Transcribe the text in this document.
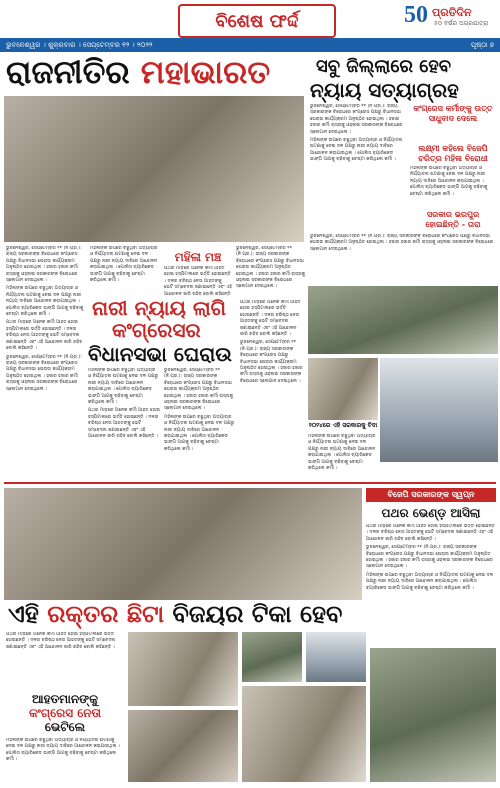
ବିଶେଷ ଫର୍ଦ୍ଦ	50 ପ୍ରତିଦିନ
୫୦ ବର୍ଷର ଅଗ୍ରଯାତ୍ରା
ଭୁବନେଶ୍ୱର । ଶୁକ୍ରବାର । ସେପ୍ଟେମ୍ବର ୧୨ । ୨୦୨୨	ପୃଷ୍ଠା ୭
ରାଜନୀତିର ମହାଭାରତ	ସବୁ ଜିଲ୍ଲାରେ ହେବ
ନ୍ୟାୟ ସତ୍ୟାଗ୍ରହ

ଭୁବନେଶ୍ୱର, ସେପ୍ଟେମ୍ବର ୧୧ (ନି.ପ୍ର.): ରାଜ୍ୟ ସରକାରଙ୍କ ବିରୋଧରେ କଂଗ୍ରେସ ପକ୍ଷରୁ ବିଧାନସଭା ଘେରାଉ କାର୍ଯ୍ୟକ୍ରମ ଅନୁଷ୍ଠିତ ହୋଇଥିଲା । ହଜାର ହଜାର କର୍ମୀ ରାସ୍ତାକୁ ଓହ୍ଲାଇ ସରକାରଙ୍କ ବିରୋଧରେ ସ୍ଲୋଗାନ ଦେଇଥିଲେ ।

ମହିଳାଙ୍କ ଉପରେ ବଢୁଥିବା ଅତ୍ୟାଚାର ଓ ନିର୍ଯ୍ୟାତନା ଘଟଣାକୁ ନେଇ ଦଳ ପକ୍ଷରୁ ନାରୀ ନ୍ୟାୟ ଦାବିରେ ଆନ୍ଦୋଳନ କରାଯାଇଥିଲା । ପୋଲିସ ବ୍ୟାରିକେଡ ଭାଙ୍ଗି ଆଗକୁ ବଢିବାକୁ ଚେଷ୍ଟା କରିଥିଲେ କର୍ମୀ ।

କଂଗ୍ରେସ କର୍ମୀଙ୍କୁ ଉତ୍ତ
ସାଧୁବାଦ ଦେଲେ
ଲକ୍ଷ୍ମୀ କହିଲେ ବିଜେପି
ଚରିତ୍ର ମହିଳା ବିରୋଧୀ
ସରକାର ଭରପୁର
ହୋଇଛିନ୍ତି - ତାରା

ମହିଳାଙ୍କ ଉପରେ ବଢୁଥିବା ଅତ୍ୟାଚାର ଓ ନିର୍ଯ୍ୟାତନା ଘଟଣାକୁ ନେଇ ଦଳ ପକ୍ଷରୁ ନାରୀ ନ୍ୟାୟ ଦାବିରେ ଆନ୍ଦୋଳନ କରାଯାଇଥିଲା । ପୋଲିସ ବ୍ୟାରିକେଡ ଭାଙ୍ଗି ଆଗକୁ ବଢିବାକୁ ଚେଷ୍ଟା କରିଥିଲେ କର୍ମୀ ।

ଭୁବନେଶ୍ୱର, ସେପ୍ଟେମ୍ବର ୧୧ (ନି.ପ୍ର.): ରାଜ୍ୟ ସରକାରଙ୍କ ବିରୋଧରେ କଂଗ୍ରେସ ପକ୍ଷରୁ ବିଧାନସଭା ଘେରାଉ କାର୍ଯ୍ୟକ୍ରମ ଅନୁଷ୍ଠିତ ହୋଇଥିଲା । ହଜାର ହଜାର କର୍ମୀ ରାସ୍ତାକୁ ଓହ୍ଲାଇ ସରକାରଙ୍କ ବିରୋଧରେ ସ୍ଲୋଗାନ ଦେଇଥିଲେ ।

ଭୁବନେଶ୍ୱର, ସେପ୍ଟେମ୍ବର ୧୧ (ନି.ପ୍ର.): ରାଜ୍ୟ ସରକାରଙ୍କ ବିରୋଧରେ କଂଗ୍ରେସ ପକ୍ଷରୁ ବିଧାନସଭା ଘେରାଉ କାର୍ଯ୍ୟକ୍ରମ ଅନୁଷ୍ଠିତ ହୋଇଥିଲା । ହଜାର ହଜାର କର୍ମୀ ରାସ୍ତାକୁ ଓହ୍ଲାଇ ସରକାରଙ୍କ ବିରୋଧରେ ସ୍ଲୋଗାନ ଦେଇଥିଲେ ।

ମହିଳାଙ୍କ ଉପରେ ବଢୁଥିବା ଅତ୍ୟାଚାର ଓ ନିର୍ଯ୍ୟାତନା ଘଟଣାକୁ ନେଇ ଦଳ ପକ୍ଷରୁ ନାରୀ ନ୍ୟାୟ ଦାବିରେ ଆନ୍ଦୋଳନ କରାଯାଇଥିଲା । ପୋଲିସ ବ୍ୟାରିକେଡ ଭାଙ୍ଗି ଆଗକୁ ବଢିବାକୁ ଚେଷ୍ଟା କରିଥିଲେ କର୍ମୀ ।

ପଥର ମାଡ଼ରେ ଅନେକ କର୍ମୀ ଆହତ ହୋଇ ହସ୍ପିଟାଲରେ ଭର୍ତ୍ତି ହୋଇଛନ୍ତି । ଦଳର ବରିଷ୍ଠ ନେତା ଆହତଙ୍କୁ ଭେଟି ସମ୍ବେଦନା ଜଣାଇଛନ୍ତି ଏବଂ ଏହି ଆନ୍ଦୋଳନ ଜାରି ରହିବ ବୋଲି କହିଛନ୍ତି ।

ଭୁବନେଶ୍ୱର, ସେପ୍ଟେମ୍ବର ୧୧ (ନି.ପ୍ର.): ରାଜ୍ୟ ସରକାରଙ୍କ ବିରୋଧରେ କଂଗ୍ରେସ ପକ୍ଷରୁ ବିଧାନସଭା ଘେରାଉ କାର୍ଯ୍ୟକ୍ରମ ଅନୁଷ୍ଠିତ ହୋଇଥିଲା । ହଜାର ହଜାର କର୍ମୀ ରାସ୍ତାକୁ ଓହ୍ଲାଇ ସରକାରଙ୍କ ବିରୋଧରେ ସ୍ଲୋଗାନ ଦେଇଥିଲେ ।

ମହିଳାଙ୍କ ଉପରେ ବଢୁଥିବା ଅତ୍ୟାଚାର ଓ ନିର୍ଯ୍ୟାତନା ଘଟଣାକୁ ନେଇ ଦଳ ପକ୍ଷରୁ ନାରୀ ନ୍ୟାୟ ଦାବିରେ ଆନ୍ଦୋଳନ କରାଯାଇଥିଲା । ପୋଲିସ ବ୍ୟାରିକେଡ ଭାଙ୍ଗି ଆଗକୁ ବଢିବାକୁ ଚେଷ୍ଟା କରିଥିଲେ କର୍ମୀ ।

ମହିଳା ମଞ୍ଚ

ପଥର ମାଡ଼ରେ ଅନେକ କର୍ମୀ ଆହତ ହୋଇ ହସ୍ପିଟାଲରେ ଭର୍ତ୍ତି ହୋଇଛନ୍ତି । ଦଳର ବରିଷ୍ଠ ନେତା ଆହତଙ୍କୁ ଭେଟି ସମ୍ବେଦନା ଜଣାଇଛନ୍ତି ଏବଂ ଏହି ଆନ୍ଦୋଳନ ଜାରି ରହିବ ବୋଲି କହିଛନ୍ତି

ଭୁବନେଶ୍ୱର, ସେପ୍ଟେମ୍ବର ୧୧ (ନି.ପ୍ର.): ରାଜ୍ୟ ସରକାରଙ୍କ ବିରୋଧରେ କଂଗ୍ରେସ ପକ୍ଷରୁ ବିଧାନସଭା ଘେରାଉ କାର୍ଯ୍ୟକ୍ରମ ଅନୁଷ୍ଠିତ ହୋଇଥିଲା । ହଜାର ହଜାର କର୍ମୀ ରାସ୍ତାକୁ ଓହ୍ଲାଇ ସରକାରଙ୍କ ବିରୋଧରେ ସ୍ଲୋଗାନ ଦେଇଥିଲେ ।

ନାରୀ ନ୍ୟାୟ ଲାଗି
କଂଗ୍ରେସର
ବିଧାନସଭା ଘେରାଉ

ମହିଳାଙ୍କ ଉପରେ ବଢୁଥିବା ଅତ୍ୟାଚାର ଓ ନିର୍ଯ୍ୟାତନା ଘଟଣାକୁ ନେଇ ଦଳ ପକ୍ଷରୁ ନାରୀ ନ୍ୟାୟ ଦାବିରେ ଆନ୍ଦୋଳନ କରାଯାଇଥିଲା । ପୋଲିସ ବ୍ୟାରିକେଡ ଭାଙ୍ଗି ଆଗକୁ ବଢିବାକୁ ଚେଷ୍ଟା କରିଥିଲେ କର୍ମୀ ।

ପଥର ମାଡ଼ରେ ଅନେକ କର୍ମୀ ଆହତ ହୋଇ ହସ୍ପିଟାଲରେ ଭର୍ତ୍ତି ହୋଇଛନ୍ତି । ଦଳର ବରିଷ୍ଠ ନେତା ଆହତଙ୍କୁ ଭେଟି ସମ୍ବେଦନା ଜଣାଇଛନ୍ତି ଏବଂ ଏହି ଆନ୍ଦୋଳନ ଜାରି ରହିବ ବୋଲି କହିଛନ୍ତି ।

ଭୁବନେଶ୍ୱର, ସେପ୍ଟେମ୍ବର ୧୧ (ନି.ପ୍ର.): ରାଜ୍ୟ ସରକାରଙ୍କ ବିରୋଧରେ କଂଗ୍ରେସ ପକ୍ଷରୁ ବିଧାନସଭା ଘେରାଉ କାର୍ଯ୍ୟକ୍ରମ ଅନୁଷ୍ଠିତ ହୋଇଥିଲା । ହଜାର ହଜାର କର୍ମୀ ରାସ୍ତାକୁ ଓହ୍ଲାଇ ସରକାରଙ୍କ ବିରୋଧରେ ସ୍ଲୋଗାନ ଦେଇଥିଲେ ।

ମହିଳାଙ୍କ ଉପରେ ବଢୁଥିବା ଅତ୍ୟାଚାର ଓ ନିର୍ଯ୍ୟାତନା ଘଟଣାକୁ ନେଇ ଦଳ ପକ୍ଷରୁ ନାରୀ ନ୍ୟାୟ ଦାବିରେ ଆନ୍ଦୋଳନ କରାଯାଇଥିଲା । ପୋଲିସ ବ୍ୟାରିକେଡ ଭାଙ୍ଗି ଆଗକୁ ବଢିବାକୁ ଚେଷ୍ଟା କରିଥିଲେ କର୍ମୀ ।

ପଥର ମାଡ଼ରେ ଅନେକ କର୍ମୀ ଆହତ ହୋଇ ହସ୍ପିଟାଲରେ ଭର୍ତ୍ତି ହୋଇଛନ୍ତି । ଦଳର ବରିଷ୍ଠ ନେତା ଆହତଙ୍କୁ ଭେଟି ସମ୍ବେଦନା ଜଣାଇଛନ୍ତି ଏବଂ ଏହି ଆନ୍ଦୋଳନ ଜାରି ରହିବ ବୋଲି କହିଛନ୍ତି ।

ଭୁବନେଶ୍ୱର, ସେପ୍ଟେମ୍ବର ୧୧ (ନି.ପ୍ର.): ରାଜ୍ୟ ସରକାରଙ୍କ ବିରୋଧରେ କଂଗ୍ରେସ ପକ୍ଷରୁ ବିଧାନସଭା ଘେରାଉ କାର୍ଯ୍ୟକ୍ରମ ଅନୁଷ୍ଠିତ ହୋଇଥିଲା । ହଜାର ହଜାର କର୍ମୀ ରାସ୍ତାକୁ ଓହ୍ଲାଇ ସରକାରଙ୍କ ବିରୋଧରେ ସ୍ଲୋଗାନ ଦେଇଥିଲେ ।

୨୦୨୪ରେ ଏହି ସରକାରକୁ ବିଦା

ମହିଳାଙ୍କ ଉପରେ ବଢୁଥିବା ଅତ୍ୟାଚାର ଓ ନିର୍ଯ୍ୟାତନା ଘଟଣାକୁ ନେଇ ଦଳ ପକ୍ଷରୁ ନାରୀ ନ୍ୟାୟ ଦାବିରେ ଆନ୍ଦୋଳନ କରାଯାଇଥିଲା । ପୋଲିସ ବ୍ୟାରିକେଡ ଭାଙ୍ଗି ଆଗକୁ ବଢିବାକୁ ଚେଷ୍ଟା କରିଥିଲେ କର୍ମୀ ।

ବିଜେପି ସରକାରଙ୍କ ସ୍ୱପ୍ନ
ପଥର ଭେଣ୍ଡ଼ ଆସିଲା

ପଥର ମାଡ଼ରେ ଅନେକ କର୍ମୀ ଆହତ ହୋଇ ହସ୍ପିଟାଲରେ ଭର୍ତ୍ତି ହୋଇଛନ୍ତି । ଦଳର ବରିଷ୍ଠ ନେତା ଆହତଙ୍କୁ ଭେଟି ସମ୍ବେଦନା ଜଣାଇଛନ୍ତି ଏବଂ ଏହି ଆନ୍ଦୋଳନ ଜାରି ରହିବ ବୋଲି କହିଛନ୍ତି ।

ଭୁବନେଶ୍ୱର, ସେପ୍ଟେମ୍ବର ୧୧ (ନି.ପ୍ର.): ରାଜ୍ୟ ସରକାରଙ୍କ ବିରୋଧରେ କଂଗ୍ରେସ ପକ୍ଷରୁ ବିଧାନସଭା ଘେରାଉ କାର୍ଯ୍ୟକ୍ରମ ଅନୁଷ୍ଠିତ ହୋଇଥିଲା । ହଜାର ହଜାର କର୍ମୀ ରାସ୍ତାକୁ ଓହ୍ଲାଇ ସରକାରଙ୍କ ବିରୋଧରେ ସ୍ଲୋଗାନ ଦେଇଥିଲେ ।

ମହିଳାଙ୍କ ଉପରେ ବଢୁଥିବା ଅତ୍ୟାଚାର ଓ ନିର୍ଯ୍ୟାତନା ଘଟଣାକୁ ନେଇ ଦଳ ପକ୍ଷରୁ ନାରୀ ନ୍ୟାୟ ଦାବିରେ ଆନ୍ଦୋଳନ କରାଯାଇଥିଲା । ପୋଲିସ ବ୍ୟାରିକେଡ ଭାଙ୍ଗି ଆଗକୁ ବଢିବାକୁ ଚେଷ୍ଟା କରିଥିଲେ କର୍ମୀ ।

ଏହି ରକ୍ତର ଛିଟା ବିଜୟର ଟିକା ହେବ

ପଥର ମାଡ଼ରେ ଅନେକ କର୍ମୀ ଆହତ ହୋଇ ହସ୍ପିଟାଲରେ ଭର୍ତ୍ତି ହୋଇଛନ୍ତି । ଦଳର ବରିଷ୍ଠ ନେତା ଆହତଙ୍କୁ ଭେଟି ସମ୍ବେଦନା ଜଣାଇଛନ୍ତି ଏବଂ ଏହି ଆନ୍ଦୋଳନ ଜାରି ରହିବ ବୋଲି କହିଛନ୍ତି ।

ଆହତମାନଙ୍କୁ
କଂଗ୍ରେସ ନେତା
ଭେଟିଲେ

ମହିଳାଙ୍କ ଉପରେ ବଢୁଥିବା ଅତ୍ୟାଚାର ଓ ନିର୍ଯ୍ୟାତନା ଘଟଣାକୁ ନେଇ ଦଳ ପକ୍ଷରୁ ନାରୀ ନ୍ୟାୟ ଦାବିରେ ଆନ୍ଦୋଳନ କରାଯାଇଥିଲା । ପୋଲିସ ବ୍ୟାରିକେଡ ଭାଙ୍ଗି ଆଗକୁ ବଢିବାକୁ ଚେଷ୍ଟା କରିଥିଲେ କର୍ମୀ ।
